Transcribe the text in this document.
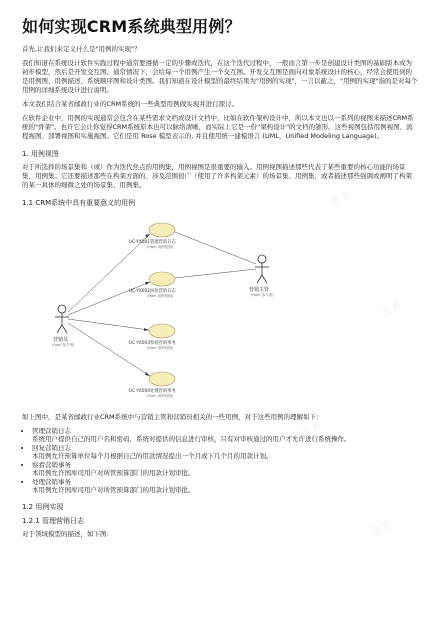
如何实现CRM系统典型用例？

首先,让我们来定义什么是"用例的实现"？

我们知道在系统设计软件实践过程中通常要遵循一定的步骤或迭代，在这个迭代过程中，一般而言第一步是创建设计类图的基础版本或为初步模型，然后是开发交互图。通常情况下，会给每一个用例产生一个交互图。开发交互图是面向对象系统设计的核心，经常会使用到的是用例图、用例描述、系统顺序图和设计类图。我们知道在设计模型的最终结果为"用例的实现"，一言以蔽之，"用例的实现"指的是对每个用例的详细系统设计进行说明。

本文我们结合某省邮政行业的CRM系统的一些典型用例做实现并进行探讨。

在软件企业中，用例的实现通常会包含在某些需求文档或设计文档中，比如在软件架构设计中，所以本文也以一系列的视图来描述CRM系统的"骨架"。也许它会让你觉得CRM系统原本也可以脉络清晰，而实际上它是一份"架构设计"的文档的雏形。这些视图包括用例视图、流程视图、部署视图和实施视图。它们是用 Rose 模型表示的, 并且使用统一建模语言 (UML，Unified Modeling Language)。

1. 用例视图

对于所选择的场景集和（或）作为迭代焦点的用例集，用例视图是很重要的输入。用例视图描述那些代表了某些重要的核心功能的场景集、用例集。它还要描述那些在构架方面的、涉及范围很广（使用了许多构架元素）的场景集、用例集，或者描述那些强调或阐明了构架的某一具体的细微之处的场景集、用例集。

1.1 CRM系统中具有重要意义的用例
UC-YX001管理营销日志
(from 用例视图)
UC-YX002回复营销日志
(from 用例视图)
UC-YX003察看营销事务
(from 用例视图)
UC-YX004处理营销事务
(from 用例视图)
营销员
(from 参与者)
营销主管
(from 参与者)

如上图中，是某省邮政行业CRM系统中与营销主管和营销员相关的一些用例，对于这些用例的理解如下：

• 管理营销日志
系统用户提供自己的用户名和密码，系统对提供的信息进行审核，只有对审核通过的用户才允许进行系统操作。
• 回复营销日志
本用例允许预算单位每个月根据自己的用款情况提出一个月或下几个月的用款计划。
• 察看营销事务
本用例允许国库司用户对所管预算部门的用款计划审批。
• 处理营销事务
本用例允许国库司用户对所管预算部门的用款计划审批。
1.2 用例实现
1.2.1 管理营销日志

对于领域模型的描述，如下图：

道客
道客
道客
道客
